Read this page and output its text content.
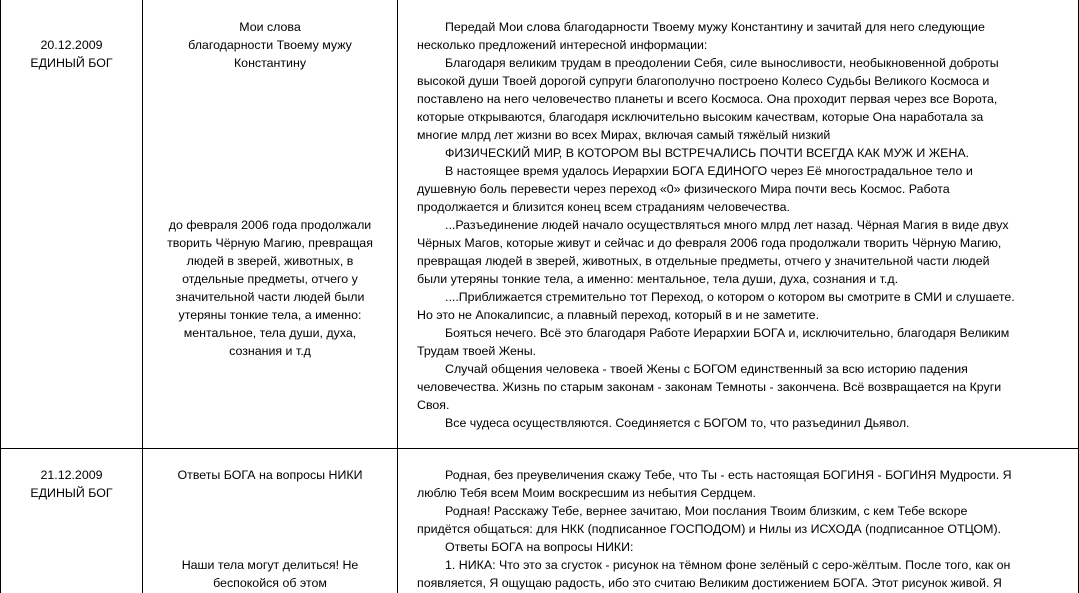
20.12.2009
ЕДИНЫЙ БОГ
Мои слова
благодарности Твоему мужу
Константину
до февраля 2006 года продолжали
творить Чёрную Магию, превращая
людей в зверей, животных, в
отдельные предметы, отчего у
значительной части людей были
утеряны тонкие тела, а именно:
ментальное, тела души, духа,
сознания и т.д
Передай Мои слова благодарности Твоему мужу Константину и зачитай для него следующие
несколько предложений интересной информации:
Благодаря великим трудам в преодолении Себя, силе выносливости, необыкновенной доброты
высокой души Твоей дорогой супруги благополучно построено Колесо Судьбы Великого Космоса и
поставлено на него человечество планеты и всего Космоса. Она проходит первая через все Ворота,
которые открываются, благодаря исключительно высоким качествам, которые Она наработала за
многие млрд лет жизни во всех Мирах, включая самый тяжёлый низкий
ФИЗИЧЕСКИЙ МИР, В КОТОРОМ ВЫ ВСТРЕЧАЛИСЬ ПОЧТИ ВСЕГДА КАК МУЖ И ЖЕНА.
В настоящее время удалось Иерархии БОГА ЕДИНОГО через Её многострадальное тело и
душевную боль перевести через переход «0» физического Мира почти весь Космос. Работа
продолжается и близится конец всем страданиям человечества.
...Разъединение людей начало осуществляться много млрд лет назад. Чёрная Магия в виде двух
Чёрных Магов, которые живут и сейчас и до февраля 2006 года продолжали творить Чёрную Магию,
превращая людей в зверей, животных, в отдельные предметы, отчего у значительной части людей
были утеряны тонкие тела, а именно: ментальное, тела души, духа, сознания и т.д.
....Приближается стремительно тот Переход, о котором о котором вы смотрите в СМИ и слушаете.
Но это не Апокалипсис, а плавный переход, который в и не заметите.
Бояться нечего. Всё это благодаря Работе Иерархии БОГА и, исключительно, благодаря Великим
Трудам твоей Жены.
Случай общения человека - твоей Жены с БОГОМ единственный за всю историю падения
человечества. Жизнь по старым законам - законам Темноты - закончена. Всё возвращается на Круги
Своя.
Все чудеса осуществляются. Соединяется с БОГОМ то, что разъединил Дьявол.
21.12.2009
ЕДИНЫЙ БОГ
Ответы БОГА на вопросы НИКИ
Наши тела могут делиться! Не
беспокойся об этом
Родная, без преувеличения скажу Тебе, что Ты - есть настоящая БОГИНЯ - БОГИНЯ Мудрости. Я
люблю Тебя всем Моим воскресшим из небытия Сердцем.
Родная! Расскажу Тебе, вернее зачитаю, Мои послания Твоим близким, с кем Тебе вскоре
придётся общаться: для НКК (подписанное ГОСПОДОМ) и Нилы из ИСХОДА (подписанное ОТЦОМ).
Ответы БОГА на вопросы НИКИ:
1. НИКА: Что это за сгусток - рисунок на тёмном фоне зелёный с серо-жёлтым. После того, как он
появляется, Я ощущаю радость, ибо это считаю Великим достижением БОГА. Этот рисунок живой. Я
